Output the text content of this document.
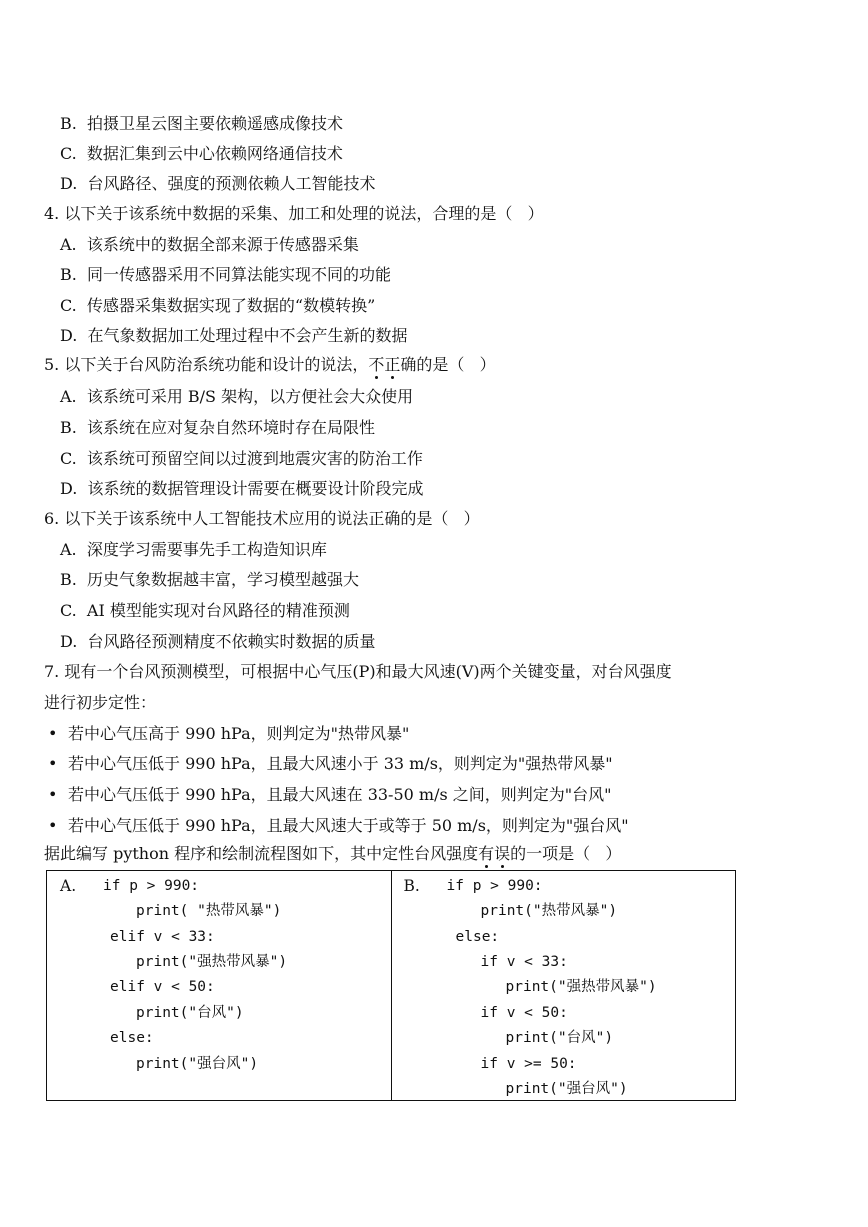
B.  拍摄卫星云图主要依赖遥感成像技术
C.  数据汇集到云中心依赖网络通信技术
D.  台风路径、强度的预测依赖人工智能技术
4. 以下关于该系统中数据的采集、加工和处理的说法，合理的是（   ）
A.  该系统中的数据全部来源于传感器采集
B.  同一传感器采用不同算法能实现不同的功能
C.  传感器采集数据实现了数据的“数模转换”
D.  在气象数据加工处理过程中不会产生新的数据
5. 以下关于台风防治系统功能和设计的说法，不正确的是（   ）
A.  该系统可采用 B/S 架构，以方便社会大众使用
B.  该系统在应对复杂自然环境时存在局限性
C.  该系统可预留空间以过渡到地震灾害的防治工作
D.  该系统的数据管理设计需要在概要设计阶段完成
6. 以下关于该系统中人工智能技术应用的说法正确的是（   ）
A.  深度学习需要事先手工构造知识库
B.  历史气象数据越丰富，学习模型越强大
C.  AI 模型能实现对台风路径的精准预测
D.  台风路径预测精度不依赖实时数据的质量
7. 现有一个台风预测模型，可根据中心气压(P)和最大风速(V)两个关键变量，对台风强度
进行初步定性：
• 若中心气压高于 990 hPa，则判定为"热带风暴"
• 若中心气压低于 990 hPa，且最大风速小于 33 m/s，则判定为"强热带风暴"
• 若中心气压低于 990 hPa，且最大风速在 33-50 m/s 之间，则判定为"台风"
• 若中心气压低于 990 hPa，且最大风速大于或等于 50 m/s，则判定为"强台风"
据此编写 python 程序和绘制流程图如下，其中定性台风强度有误的一项是（   ）
A. if p > 990:
print( "热带风暴")
elif v < 33:
print("强热带风暴")
elif v < 50:
print("台风")
else:
print("强台风")

B. if p > 990:
print("热带风暴")
else:
if v < 33:
print("强热带风暴")
if v < 50:
print("台风")
if v >= 50:
print("强台风")
